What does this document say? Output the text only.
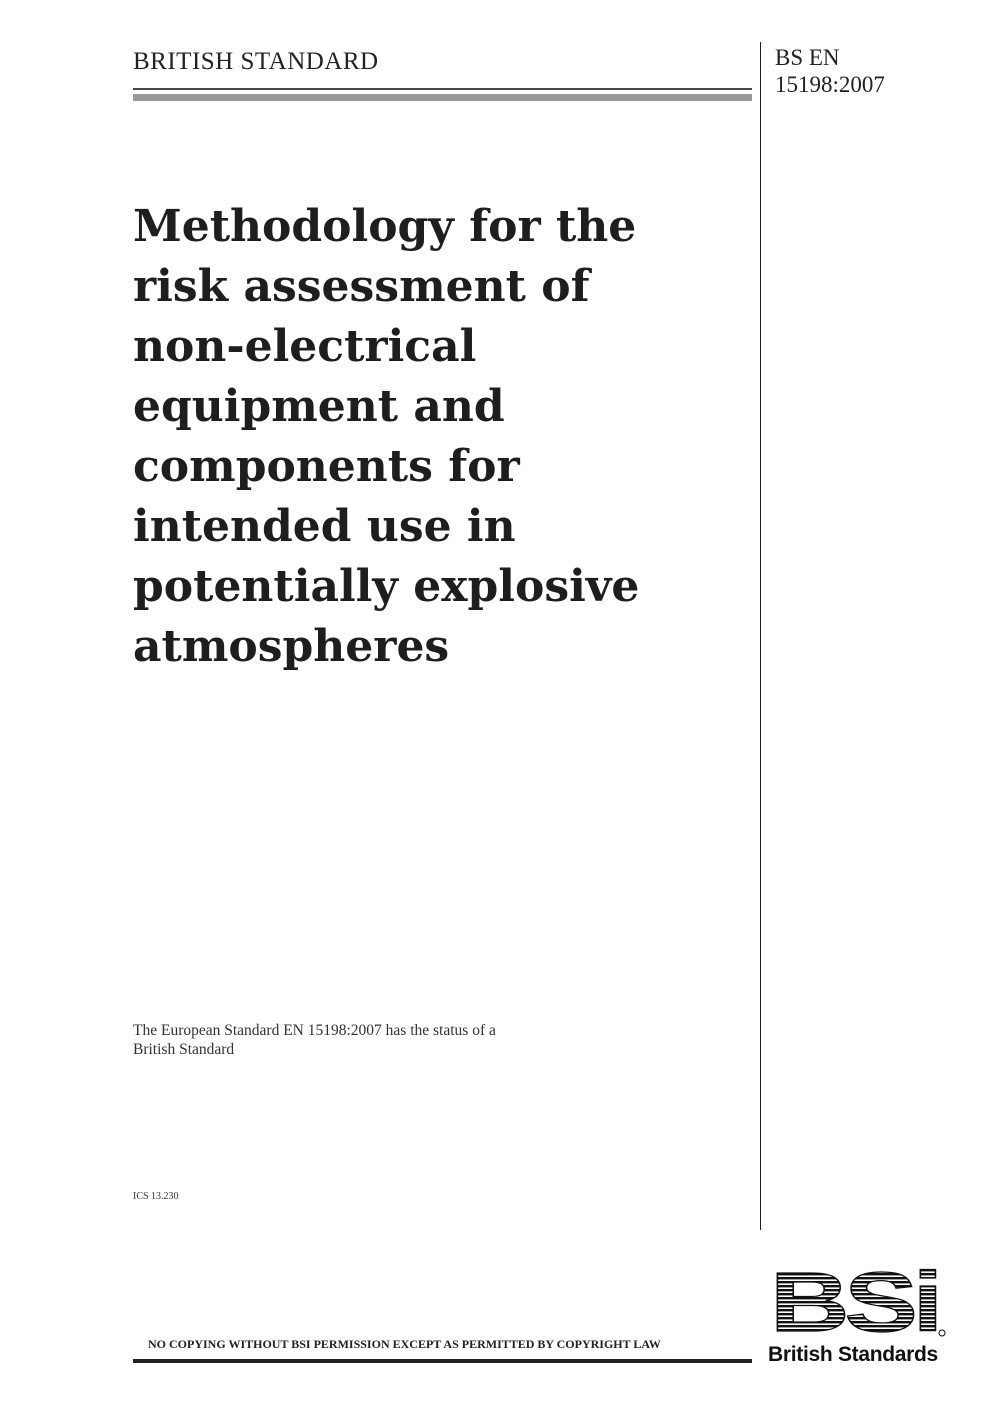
BRITISH STANDARD	BS EN
15198:2007
Methodology for the
risk assessment of
non-electrical
equipment and
components for
intended use in
potentially explosive
atmospheres
The European Standard EN 15198:2007 has the status of a
British Standard
ICS 13.230
NO COPYING WITHOUT BSI PERMISSION EXCEPT AS PERMITTED BY COPYRIGHT LAW BSi
British Standards
